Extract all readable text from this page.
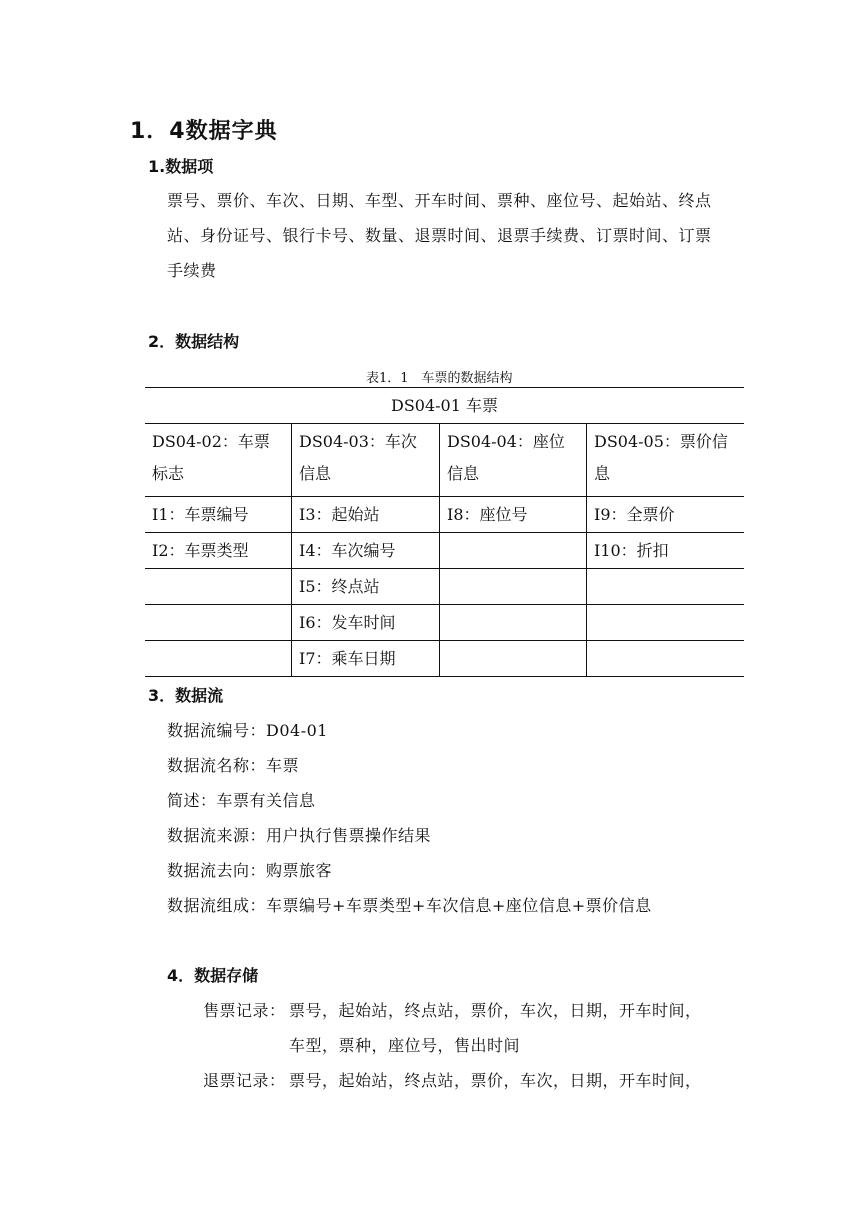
1．4数据字典
1.数据项
票号、票价、车次、日期、车型、开车时间、票种、座位号、起始站、终点
站、身份证号、银行卡号、数量、退票时间、退票手续费、订票时间、订票
手续费
2．数据结构
表1．1　车票的数据结构
DS04-01 车票			
DS04-02：车票标志	DS04-03：车次信息	DS04-04：座位信息	DS04-05：票价信息
I1：车票编号	I3：起始站	I8：座位号	I9：全票价
I2：车票类型	I4：车次编号		I10：折扣
	I5：终点站		
	I6：发车时间		
	I7：乘车日期		
3．数据流
数据流编号：D04-01
数据流名称：车票
简述：车票有关信息
数据流来源：用户执行售票操作结果
数据流去向：购票旅客
数据流组成：车票编号+车票类型+车次信息+座位信息+票价信息
4．数据存储
售票记录： 票号，起始站，终点站，票价，车次，日期，开车时间，
车型，票种，座位号，售出时间
退票记录： 票号，起始站，终点站，票价，车次，日期，开车时间，
